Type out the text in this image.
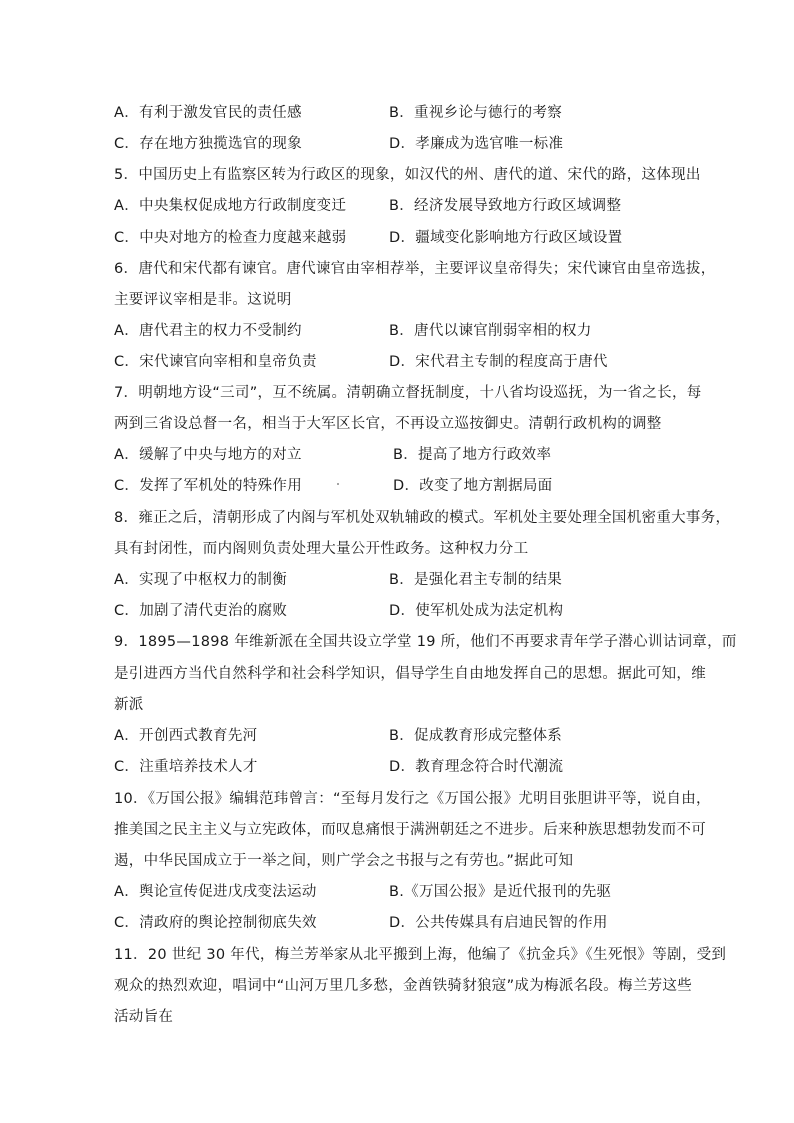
A．有利于激发官民的责任感	B．重视乡论与德行的考察
C．存在地方独揽选官的现象	D．孝廉成为选官唯一标准
5．中国历史上有监察区转为行政区的现象，如汉代的州、唐代的道、宋代的路，这体现出
A．中央集权促成地方行政制度变迁	B．经济发展导致地方行政区域调整
C．中央对地方的检查力度越来越弱	D．疆域变化影响地方行政区域设置
6．唐代和宋代都有谏官。唐代谏官由宰相荐举，主要评议皇帝得失；宋代谏官由皇帝选拔，
主要评议宰相是非。这说明
A．唐代君主的权力不受制约	B．唐代以谏官削弱宰相的权力
C．宋代谏官向宰相和皇帝负责	D．宋代君主专制的程度高于唐代
7．明朝地方设“三司”，互不统属。清朝确立督抚制度，十八省均设巡抚，为一省之长，每
两到三省设总督一名，相当于大军区长官，不再设立巡按御史。清朝行政机构的调整
A．缓解了中央与地方的对立	B．提高了地方行政效率
C．发挥了军机处的特殊作用	D．改变了地方割据局面
8．雍正之后，清朝形成了内阁与军机处双轨辅政的模式。军机处主要处理全国机密重大事务，
具有封闭性，而内阁则负责处理大量公开性政务。这种权力分工
A．实现了中枢权力的制衡	B．是强化君主专制的结果
C．加剧了清代吏治的腐败	D．使军机处成为法定机构
9．1895—1898 年维新派在全国共设立学堂 19 所，他们不再要求青年学子潜心训诂词章，而
是引进西方当代自然科学和社会科学知识，倡导学生自由地发挥自己的思想。据此可知，维
新派
A．开创西式教育先河	B．促成教育形成完整体系
C．注重培养技术人才	D．教育理念符合时代潮流
10．《万国公报》编辑范玮曾言：“至每月发行之《万国公报》尤明目张胆讲平等，说自由，
推美国之民主主义与立宪政体，而叹息痛恨于满洲朝廷之不进步。后来种族思想勃发而不可
遏，中华民国成立于一举之间，则广学会之书报与之有劳也。”据此可知
A．舆论宣传促进戊戌变法运动	B.《万国公报》是近代报刊的先驱
C．清政府的舆论控制彻底失效	D．公共传媒具有启迪民智的作用
11．20 世纪 30 年代，梅兰芳举家从北平搬到上海，他编了《抗金兵》《生死恨》等剧，受到
观众的热烈欢迎，唱词中“山河万里几多愁，金酋铁骑豺狼寇”成为梅派名段。梅兰芳这些
活动旨在
